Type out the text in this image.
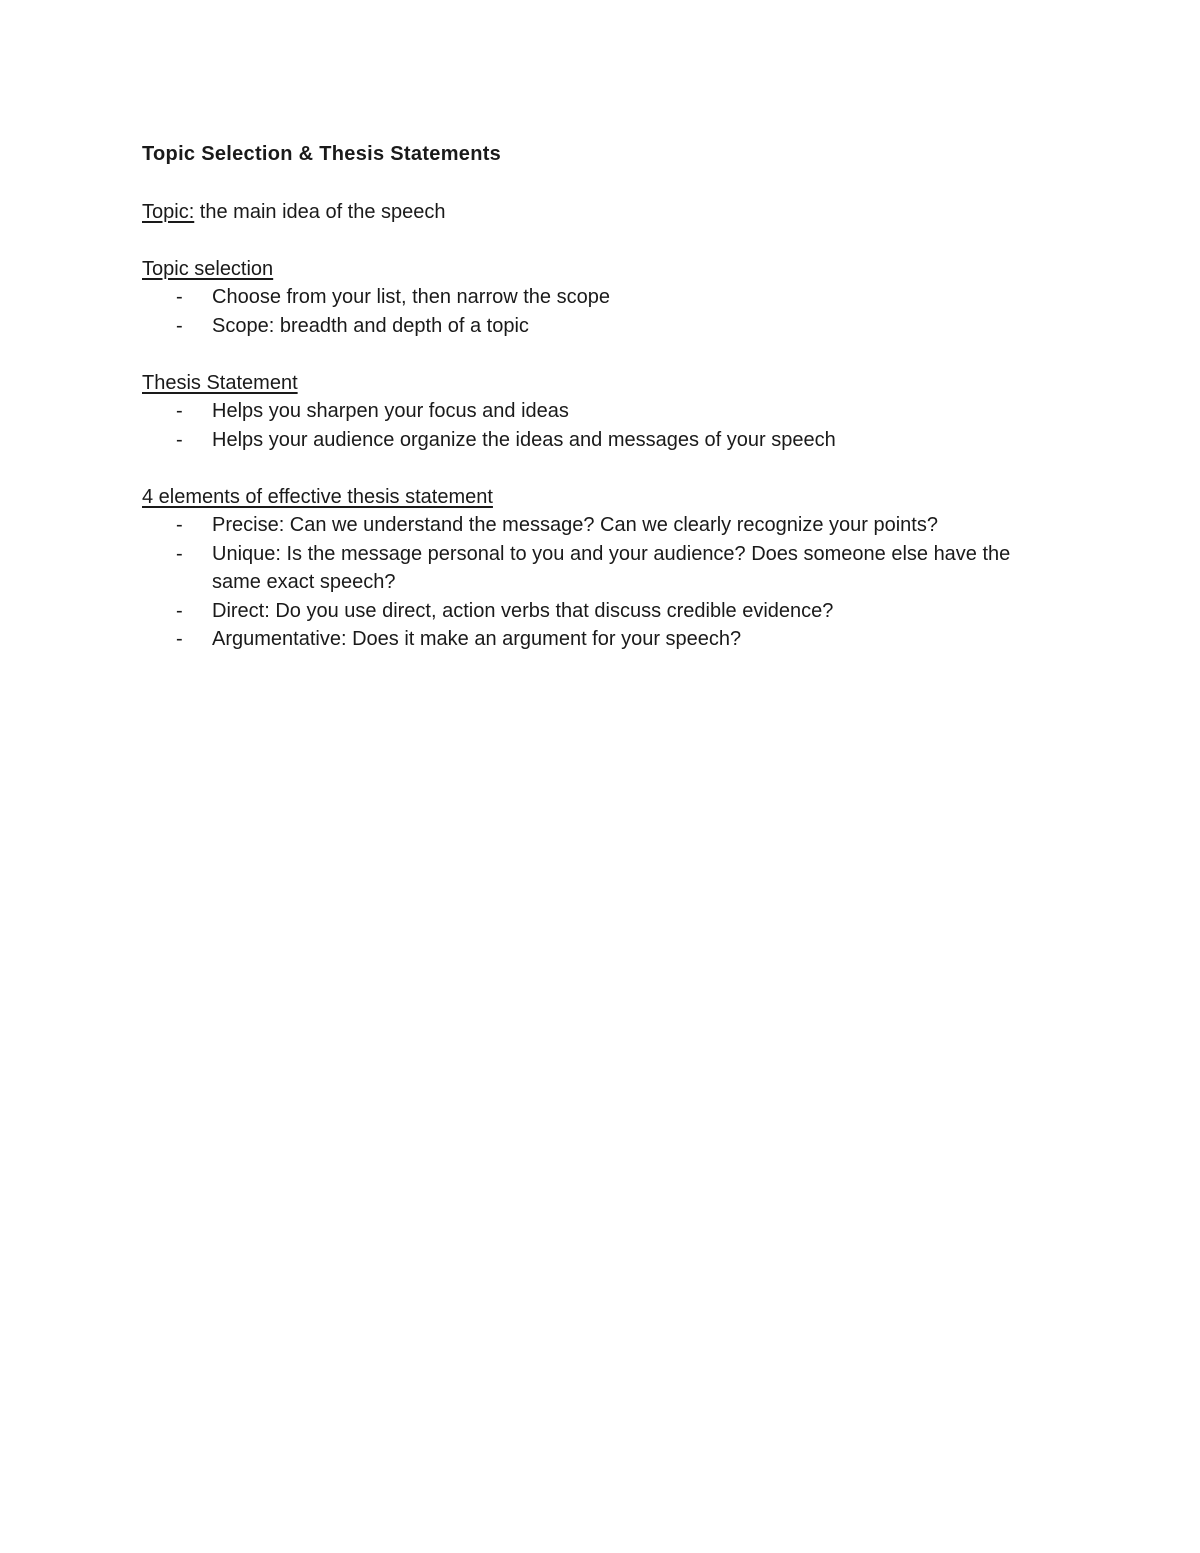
Topic Selection & Thesis Statements
Topic: the main idea of the speech
Topic selection
- Choose from your list, then narrow the scope
- Scope: breadth and depth of a topic
Thesis Statement
- Helps you sharpen your focus and ideas
- Helps your audience organize the ideas and messages of your speech
4 elements of effective thesis statement
- Precise: Can we understand the message? Can we clearly recognize your points?
- Unique: Is the message personal to you and your audience? Does someone else have the same exact speech?
- Direct: Do you use direct, action verbs that discuss credible evidence?
- Argumentative: Does it make an argument for your speech?
